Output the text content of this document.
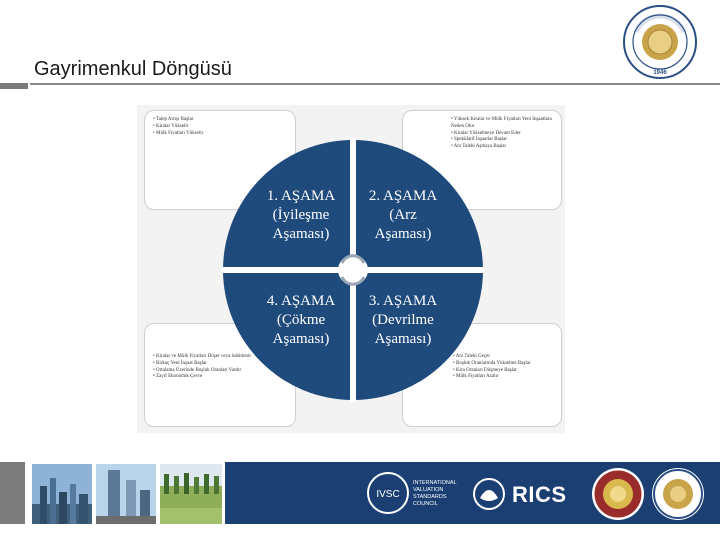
Gayrimenkul Döngüsü	1946
• Talep Artışı Başlar
• Kiralar Yükselir
• Mülk Fiyatları Yükselir
• Yüksek Kiralar ve Mülk Fiyatları Yeni İnşaatlara Neden Olur
• Kiralar Yükselmeye Devam Eder
• Spekülatif İnşaatlar Başlar
• Arz Talebi Aşmaya Başlar
• Kiralar ve Mülk Fiyatları Düşer veya Sabitlenir
• Birkaç Yeni İnşaat Başlar
• Ortalama Üzerinde Boşluk Oranları Vardır
• Zayıf Ekonomik Çevre
• Arz Talebi Geçer
• Boşluk Oranlarında Yükselme Başlar
• Kira Oranları Düşmeye Başlar
• Mülk Fiyatları Azalır
1. AŞAMA
(İyileşme
Aşaması)
2. AŞAMA
(Arz
Aşaması)
3. AŞAMA
(Devrilme
Aşaması)
4. AŞAMA
(Çökme
Aşaması)
IVSC
INTERNATIONAL
VALUATION
STANDARDS
COUNCIL	RICS
